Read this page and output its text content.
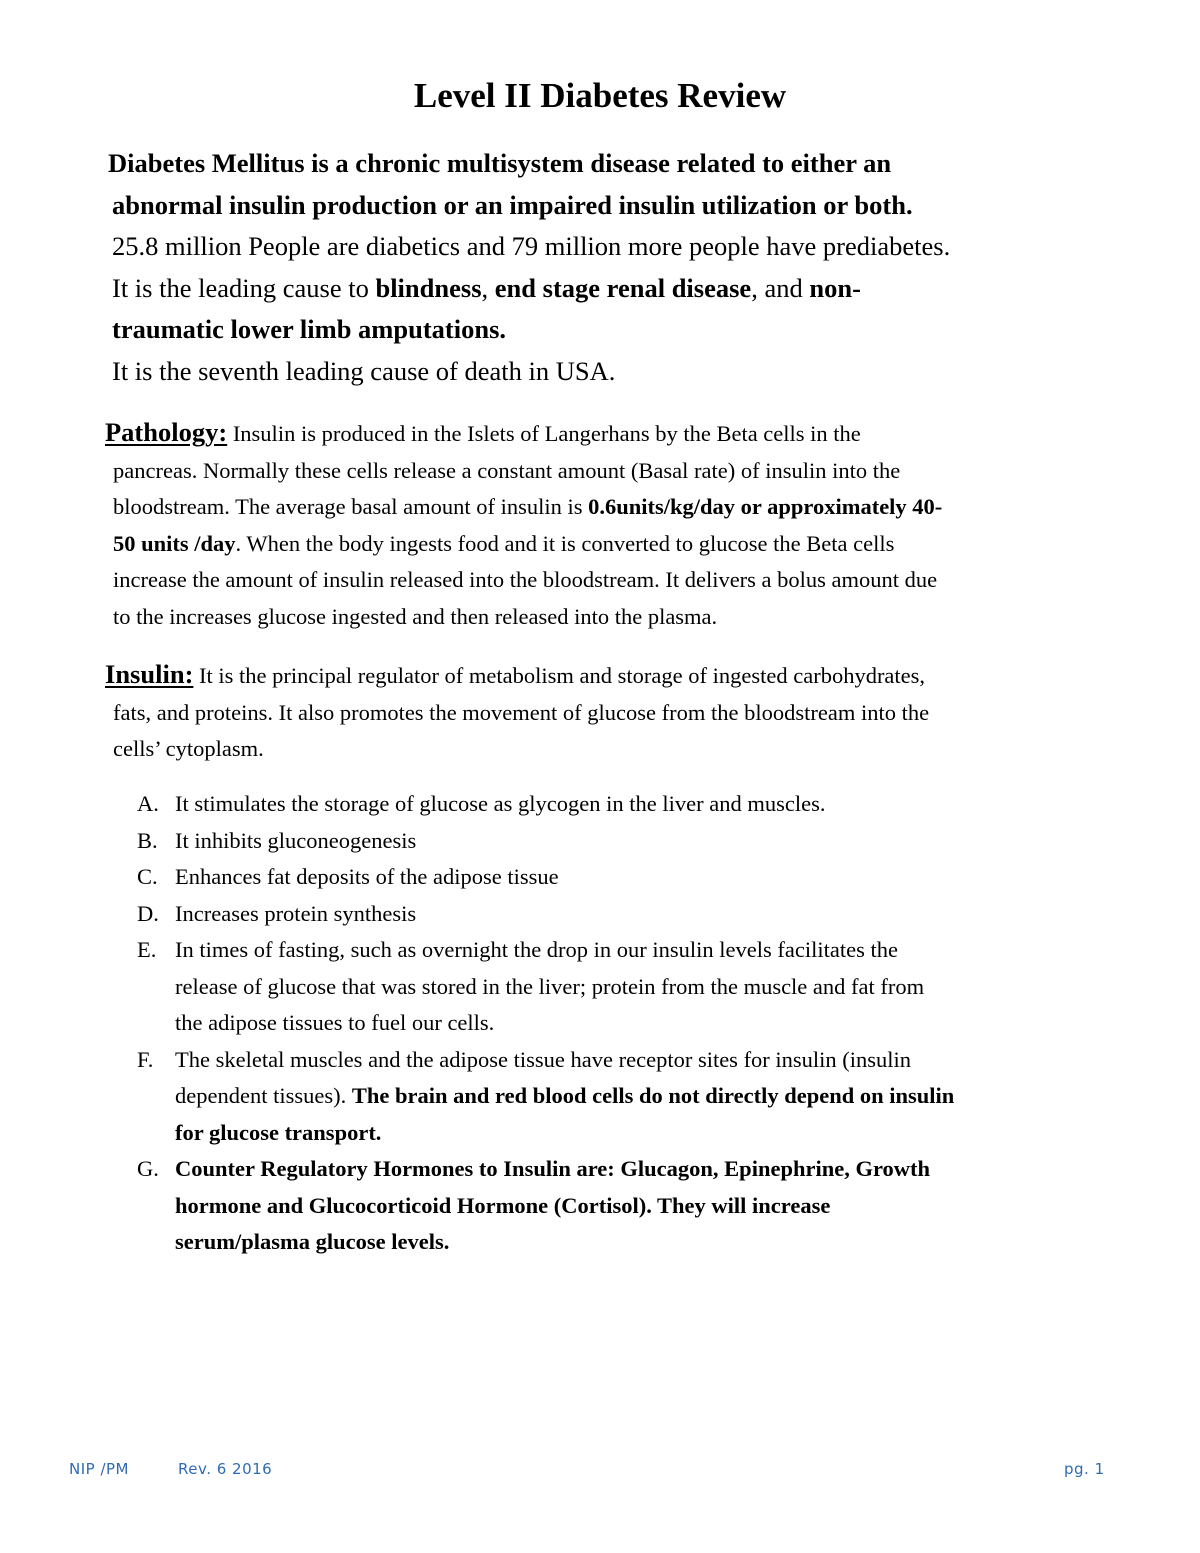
Level II Diabetes Review
Diabetes Mellitus is a chronic multisystem disease related to either an
abnormal insulin production or an impaired insulin utilization or both.
25.8 million People are diabetics and 79 million more people have prediabetes.
It is the leading cause to blindness, end stage renal disease, and non-
traumatic lower limb amputations.
It is the seventh leading cause of death in USA.
Pathology: Insulin is produced in the Islets of Langerhans by the Beta cells in the
pancreas. Normally these cells release a constant amount (Basal rate) of insulin into the
bloodstream. The average basal amount of insulin is 0.6units/kg/day or approximately 40-
50 units /day. When the body ingests food and it is converted to glucose the Beta cells
increase the amount of insulin released into the bloodstream. It delivers a bolus amount due
to the increases glucose ingested and then released into the plasma.
Insulin: It is the principal regulator of metabolism and storage of ingested carbohydrates,
fats, and proteins. It also promotes the movement of glucose from the bloodstream into the
cells’ cytoplasm.
A. It stimulates the storage of glucose as glycogen in the liver and muscles.
B. It inhibits gluconeogenesis
C. Enhances fat deposits of the adipose tissue
D. Increases protein synthesis
E. In times of fasting, such as overnight the drop in our insulin levels facilitates the
release of glucose that was stored in the liver; protein from the muscle and fat from
the adipose tissues to fuel our cells.
F. The skeletal muscles and the adipose tissue have receptor sites for insulin (insulin
dependent tissues). The brain and red blood cells do not directly depend on insulin
for glucose transport.
G. Counter Regulatory Hormones to Insulin are: Glucagon, Epinephrine, Growth
hormone and Glucocorticoid Hormone (Cortisol). They will increase
serum/plasma glucose levels.
NIP /PM	Rev. 6 2016	pg. 1
